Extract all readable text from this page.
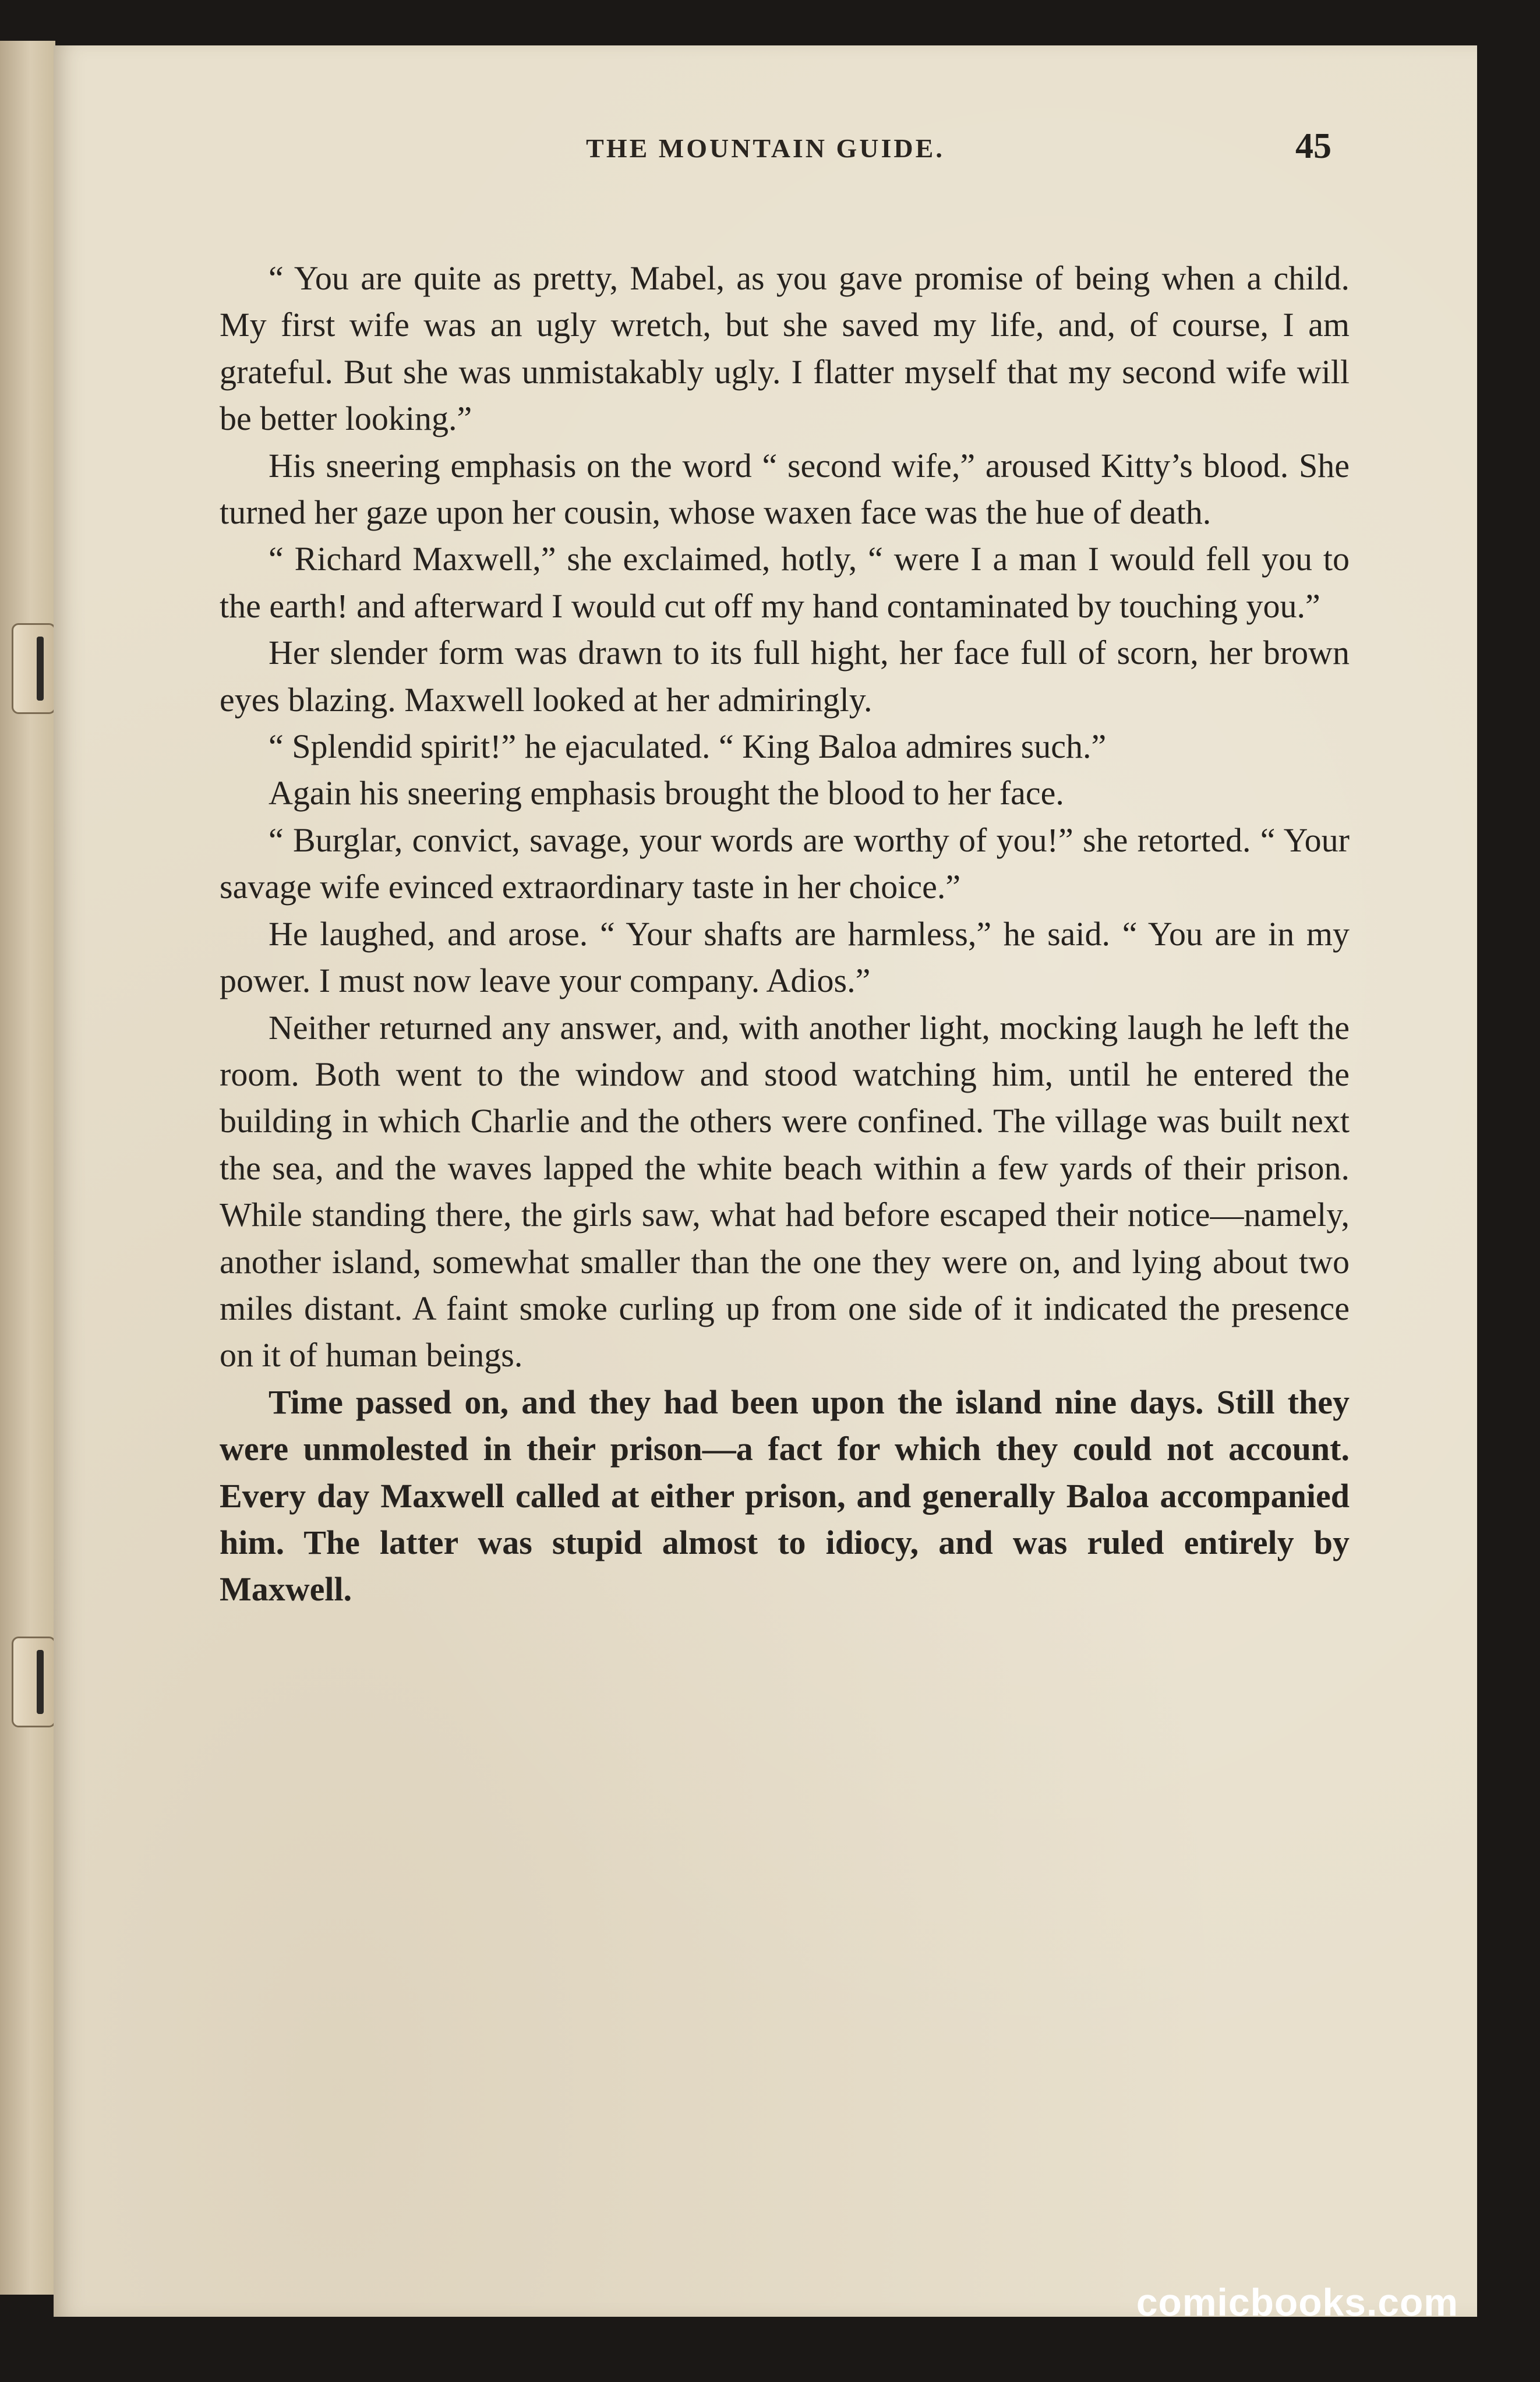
THE MOUNTAIN GUIDE.	45

“ You are quite as pretty, Mabel, as you gave promise of being when a child. My first wife was an ugly wretch, but she saved my life, and, of course, I am grateful. But she was unmistakably ugly. I flatter myself that my second wife will be better looking.”

His sneering emphasis on the word “ second wife,” aroused Kitty’s blood. She turned her gaze upon her cousin, whose waxen face was the hue of death.

“ Richard Maxwell,” she exclaimed, hotly, “ were I a man I would fell you to the earth! and afterward I would cut off my hand contaminated by touching you.”

Her slender form was drawn to its full hight, her face full of scorn, her brown eyes blazing. Maxwell looked at her admiringly.

“ Splendid spirit!” he ejaculated. “ King Baloa admires such.”

Again his sneering emphasis brought the blood to her face.

“ Burglar, convict, savage, your words are worthy of you!” she retorted. “ Your savage wife evinced extraordinary taste in her choice.”

He laughed, and arose. “ Your shafts are harmless,” he said. “ You are in my power. I must now leave your company. Adios.”

Neither returned any answer, and, with another light, mocking laugh he left the room. Both went to the window and stood watching him, until he entered the building in which Charlie and the others were confined. The village was built next the sea, and the waves lapped the white beach within a few yards of their prison. While standing there, the girls saw, what had before escaped their notice—namely, another island, somewhat smaller than the one they were on, and lying about two miles distant. A faint smoke curling up from one side of it indicated the presence on it of human beings.

Time passed on, and they had been upon the island nine days. Still they were unmolested in their prison—a fact for which they could not account. Every day Maxwell called at either prison, and generally Baloa accompanied him. The latter was stupid almost to idiocy, and was ruled entirely by Maxwell.

comicbooks.com
